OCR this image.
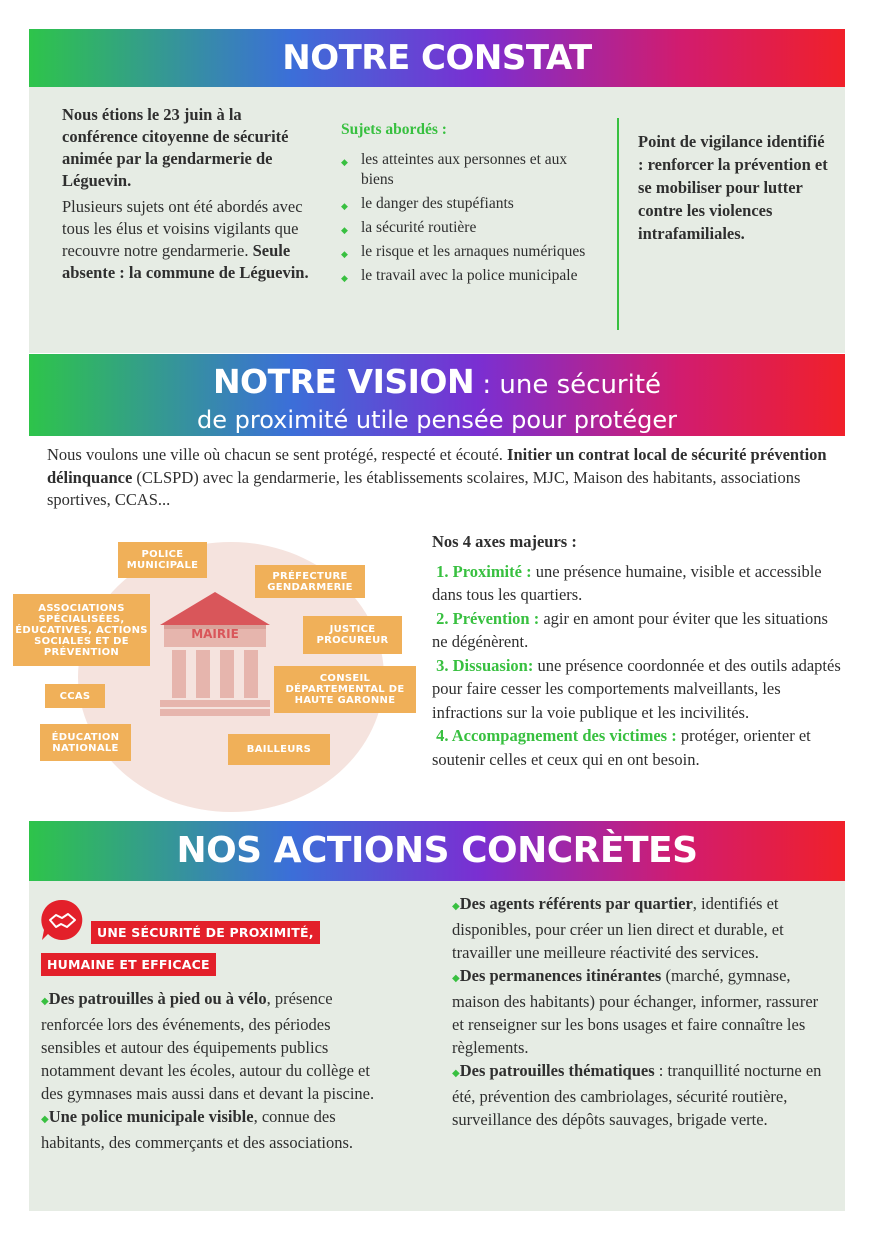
NOTRE CONSTAT

Nous étions le 23 juin à la conférence citoyenne de sécurité animée par la gendarmerie de Léguevin.

Plusieurs sujets ont été abordés avec tous les élus et voisins vigilants que recouvre notre gendarmerie. Seule absente : la commune de Léguevin.

Sujets abordés :

◆ les atteintes aux personnes et aux biens
◆ le danger des stupéfiants
◆ la sécurité routière
◆ le risque et les arnaques numériques
◆ le travail avec la police municipale
Point de vigilance identifié : renforcer la prévention et se mobiliser pour lutter contre les violences intrafamiliales.
NOTRE VISION : une sécurité
de proximité utile pensée pour protéger
Nous voulons une ville où chacun se sent protégé, respecté et écouté. Initier un contrat local de sécurité prévention délinquance (CLSPD) avec la gendarmerie, les établissements scolaires, MJC, Maison des habitants, associations sportives, CCAS...
MAIRIE
POLICE MUNICIPALE
PRÉFECTURE GENDARMERIE
ASSOCIATIONS SPÉCIALISÉES, ÉDUCATIVES, ACTIONS SOCIALES ET DE PRÉVENTION
JUSTICE PROCUREUR
CCAS
CONSEIL DÉPARTEMENTAL DE HAUTE GARONNE
ÉDUCATION NATIONALE	BAILLEURS

Nos 4 axes majeurs :

1. Proximité : une présence humaine, visible et accessible dans tous les quartiers.

2. Prévention : agir en amont pour éviter que les situations ne dégénèrent.

3. Dissuasion: une présence coordonnée et des outils adaptés pour faire cesser les comportements malveillants, les infractions sur la voie publique et les incivilités.

4. Accompagnement des victimes : protéger, orienter et soutenir celles et ceux qui en ont besoin.

NOS ACTIONS CONCRÈTES
UNE SÉCURITÉ DE PROXIMITÉ,
HUMAINE ET EFFICACE

◆Des patrouilles à pied ou à vélo, présence renforcée lors des événements, des périodes sensibles et autour des équipements publics notamment devant les écoles, autour du collège et des gymnases mais aussi dans et devant la piscine.

◆Une police municipale visible, connue des habitants, des commerçants et des associations.

◆Des agents référents par quartier, identifiés et disponibles, pour créer un lien direct et durable, et travailler une meilleure réactivité des services.

◆Des permanences itinérantes (marché, gymnase, maison des habitants) pour échanger, informer, rassurer et renseigner sur les bons usages et faire connaître les règlements.

◆Des patrouilles thématiques : tranquillité nocturne en été, prévention des cambriolages, sécurité routière, surveillance des dépôts sauvages, brigade verte.
